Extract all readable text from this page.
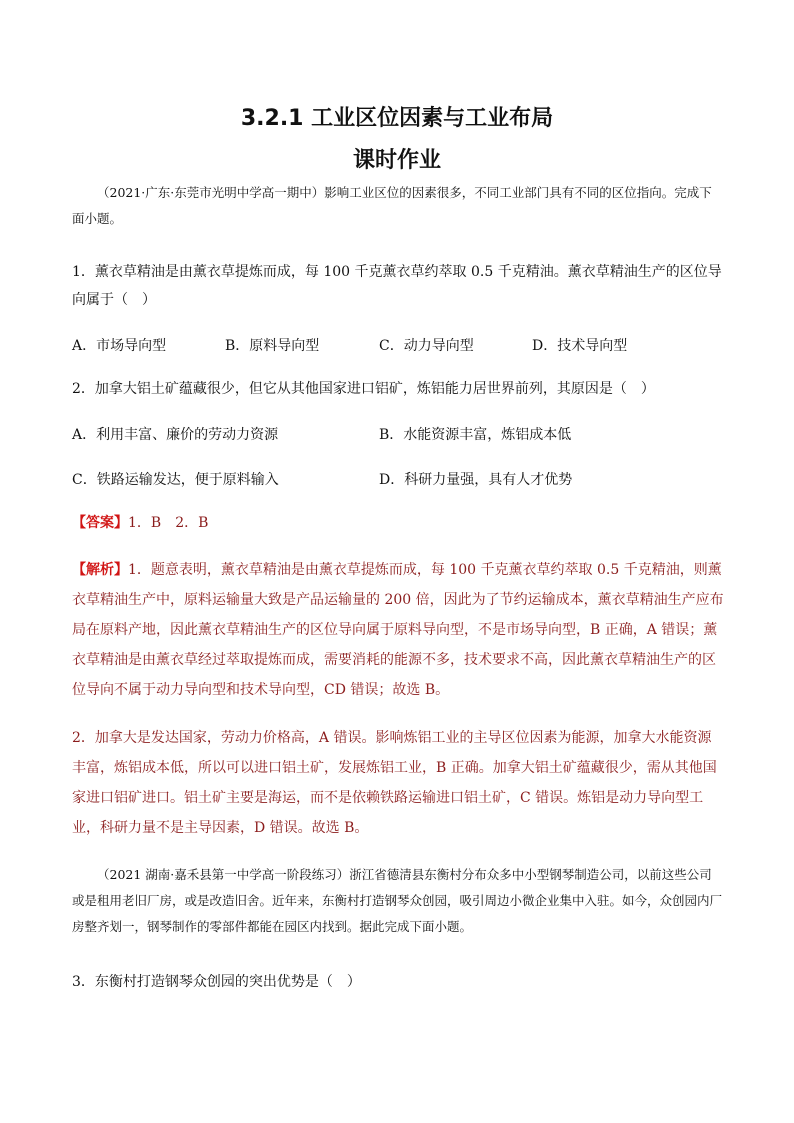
3.2.1 工业区位因素与工业布局
课时作业
（2021·广东·东莞市光明中学高一期中）影响工业区位的因素很多，不同工业部门具有不同的区位指向。完成下面小题。
1．薰衣草精油是由薰衣草提炼而成，每 100 千克薰衣草约萃取 0.5 千克精油。薰衣草精油生产的区位导向属于（　）
A．市场导向型	B．原料导向型	C．动力导向型	D．技术导向型
2．加拿大铝土矿蕴藏很少，但它从其他国家进口铝矿，炼铝能力居世界前列，其原因是（　）
A．利用丰富、廉价的劳动力资源	B．水能资源丰富，炼铝成本低
C．铁路运输发达，便于原料输入	D．科研力量强，具有人才优势
【答案】1．B　2．B
【解析】1．题意表明，薰衣草精油是由薰衣草提炼而成，每 100 千克薰衣草约萃取 0.5 千克精油，则薰衣草精油生产中，原料运输量大致是产品运输量的 200 倍，因此为了节约运输成本，薰衣草精油生产应布局在原料产地，因此薰衣草精油生产的区位导向属于原料导向型，不是市场导向型，B 正确，A 错误；薰衣草精油是由薰衣草经过萃取提炼而成，需要消耗的能源不多，技术要求不高，因此薰衣草精油生产的区位导向不属于动力导向型和技术导向型，CD 错误；故选 B。
2．加拿大是发达国家，劳动力价格高，A 错误。影响炼铝工业的主导区位因素为能源，加拿大水能资源丰富，炼铝成本低，所以可以进口铝土矿，发展炼铝工业，B 正确。加拿大铝土矿蕴藏很少，需从其他国家进口铝矿进口。铝土矿主要是海运，而不是依赖铁路运输进口铝土矿，C 错误。炼铝是动力导向型工业，科研力量不是主导因素，D 错误。故选 B。
（2021 湖南·嘉禾县第一中学高一阶段练习）浙江省德清县东衡村分布众多中小型钢琴制造公司，以前这些公司或是租用老旧厂房，或是改造旧舍。近年来，东衡村打造钢琴众创园，吸引周边小微企业集中入驻。如今，众创园内厂房整齐划一，钢琴制作的零部件都能在园区内找到。据此完成下面小题。
3．东衡村打造钢琴众创园的突出优势是（　）
